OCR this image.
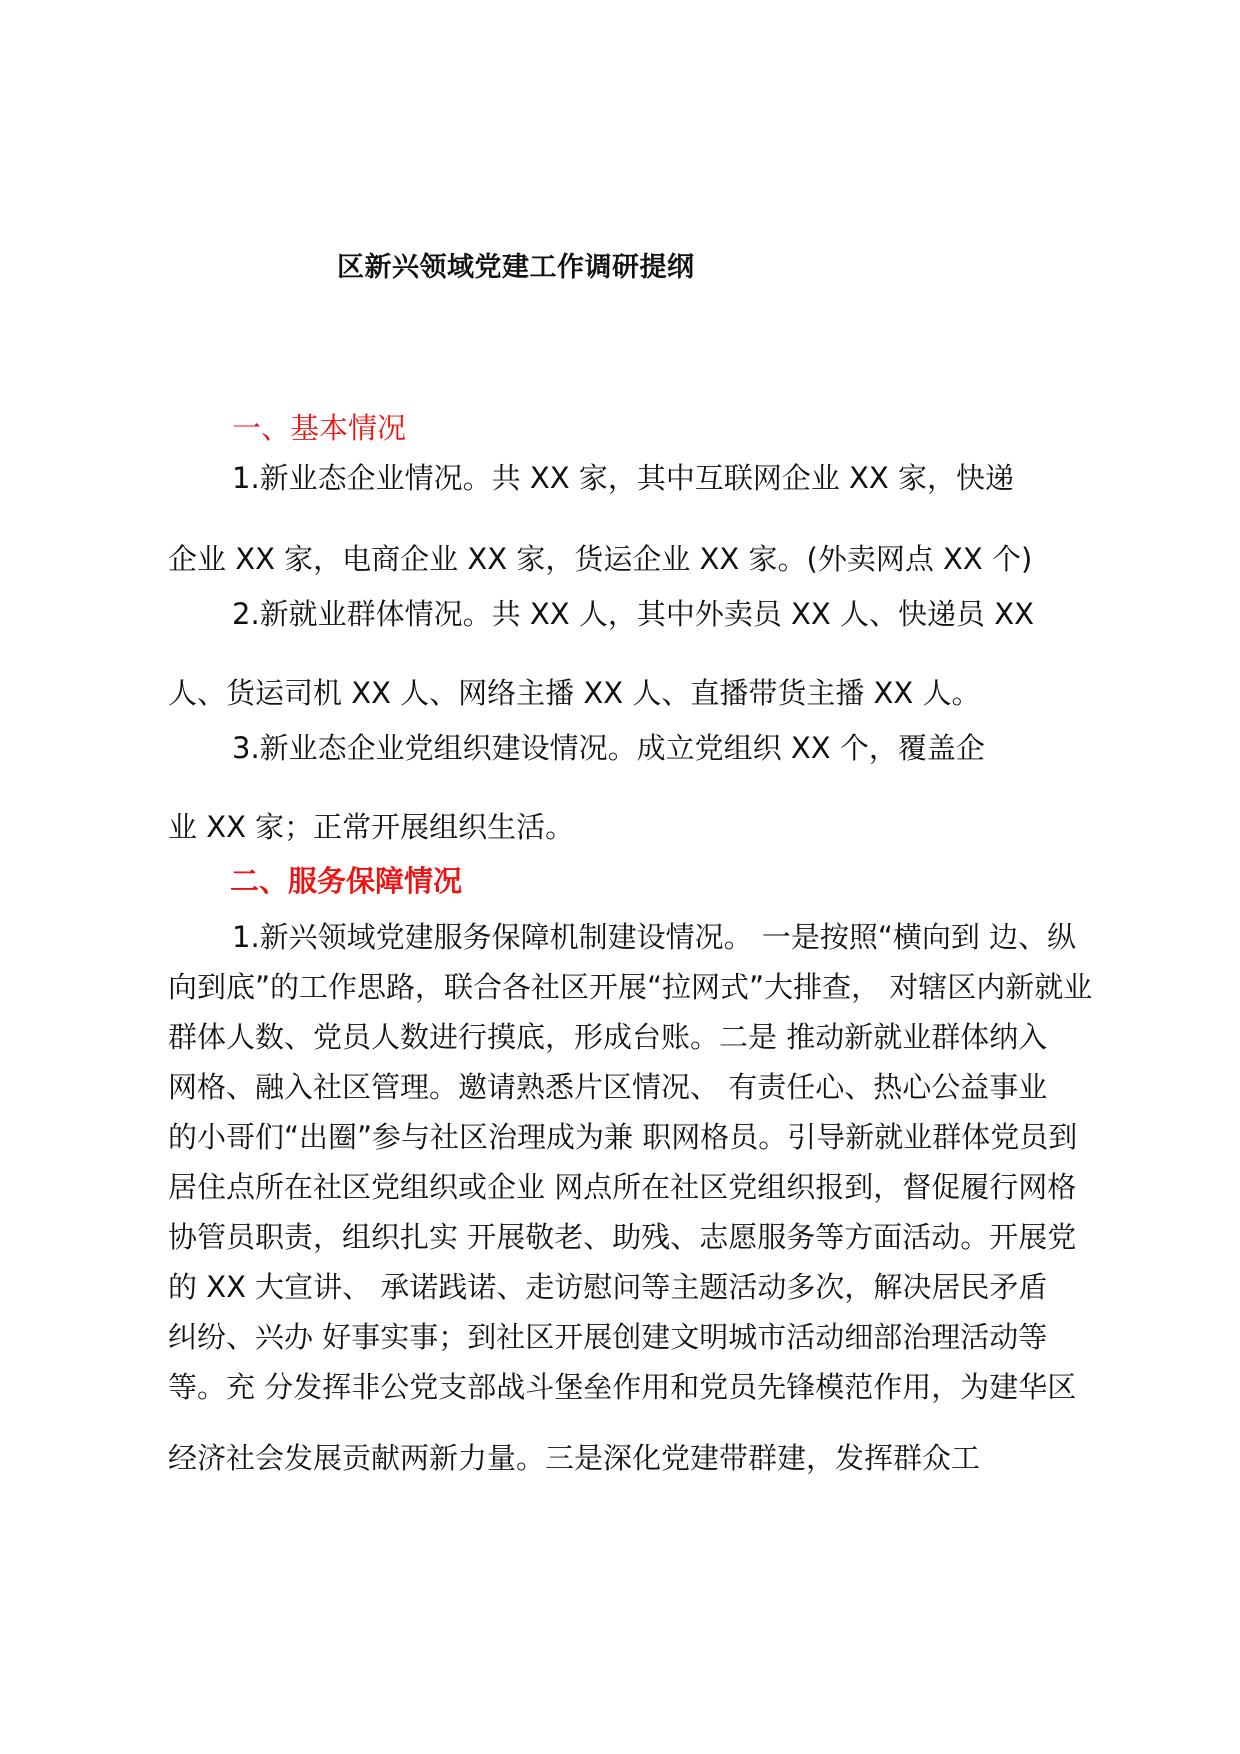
区新兴领域党建工作调研提纲
一、基本情况
1.新业态企业情况。共 XX 家，其中互联网企业 XX 家，快递
企业 XX 家，电商企业 XX 家，货运企业 XX 家。(外卖网点 XX 个)
2.新就业群体情况。共 XX 人，其中外卖员 XX 人、快递员 XX
人、货运司机 XX 人、网络主播 XX 人、直播带货主播 XX 人。
3.新业态企业党组织建设情况。成立党组织 XX 个，覆盖企
业 XX 家；正常开展组织生活。
二、服务保障情况
1.新兴领域党建服务保障机制建设情况。 一是按照“横向到 边、纵
向到底”的工作思路，联合各社区开展“拉网式”大排查， 对辖区内新就业
群体人数、党员人数进行摸底，形成台账。二是 推动新就业群体纳入
网格、融入社区管理。邀请熟悉片区情况、 有责任心、热心公益事业
的小哥们“出圈”参与社区治理成为兼 职网格员。引导新就业群体党员到
居住点所在社区党组织或企业 网点所在社区党组织报到，督促履行网格
协管员职责，组织扎实 开展敬老、助残、志愿服务等方面活动。开展党
的 XX 大宣讲、 承诺践诺、走访慰问等主题活动多次，解决居民矛盾
纠纷、兴办 好事实事；到社区开展创建文明城市活动细部治理活动等
等。充 分发挥非公党支部战斗堡垒作用和党员先锋模范作用，为建华区
经济社会发展贡献两新力量。三是深化党建带群建，发挥群众工
